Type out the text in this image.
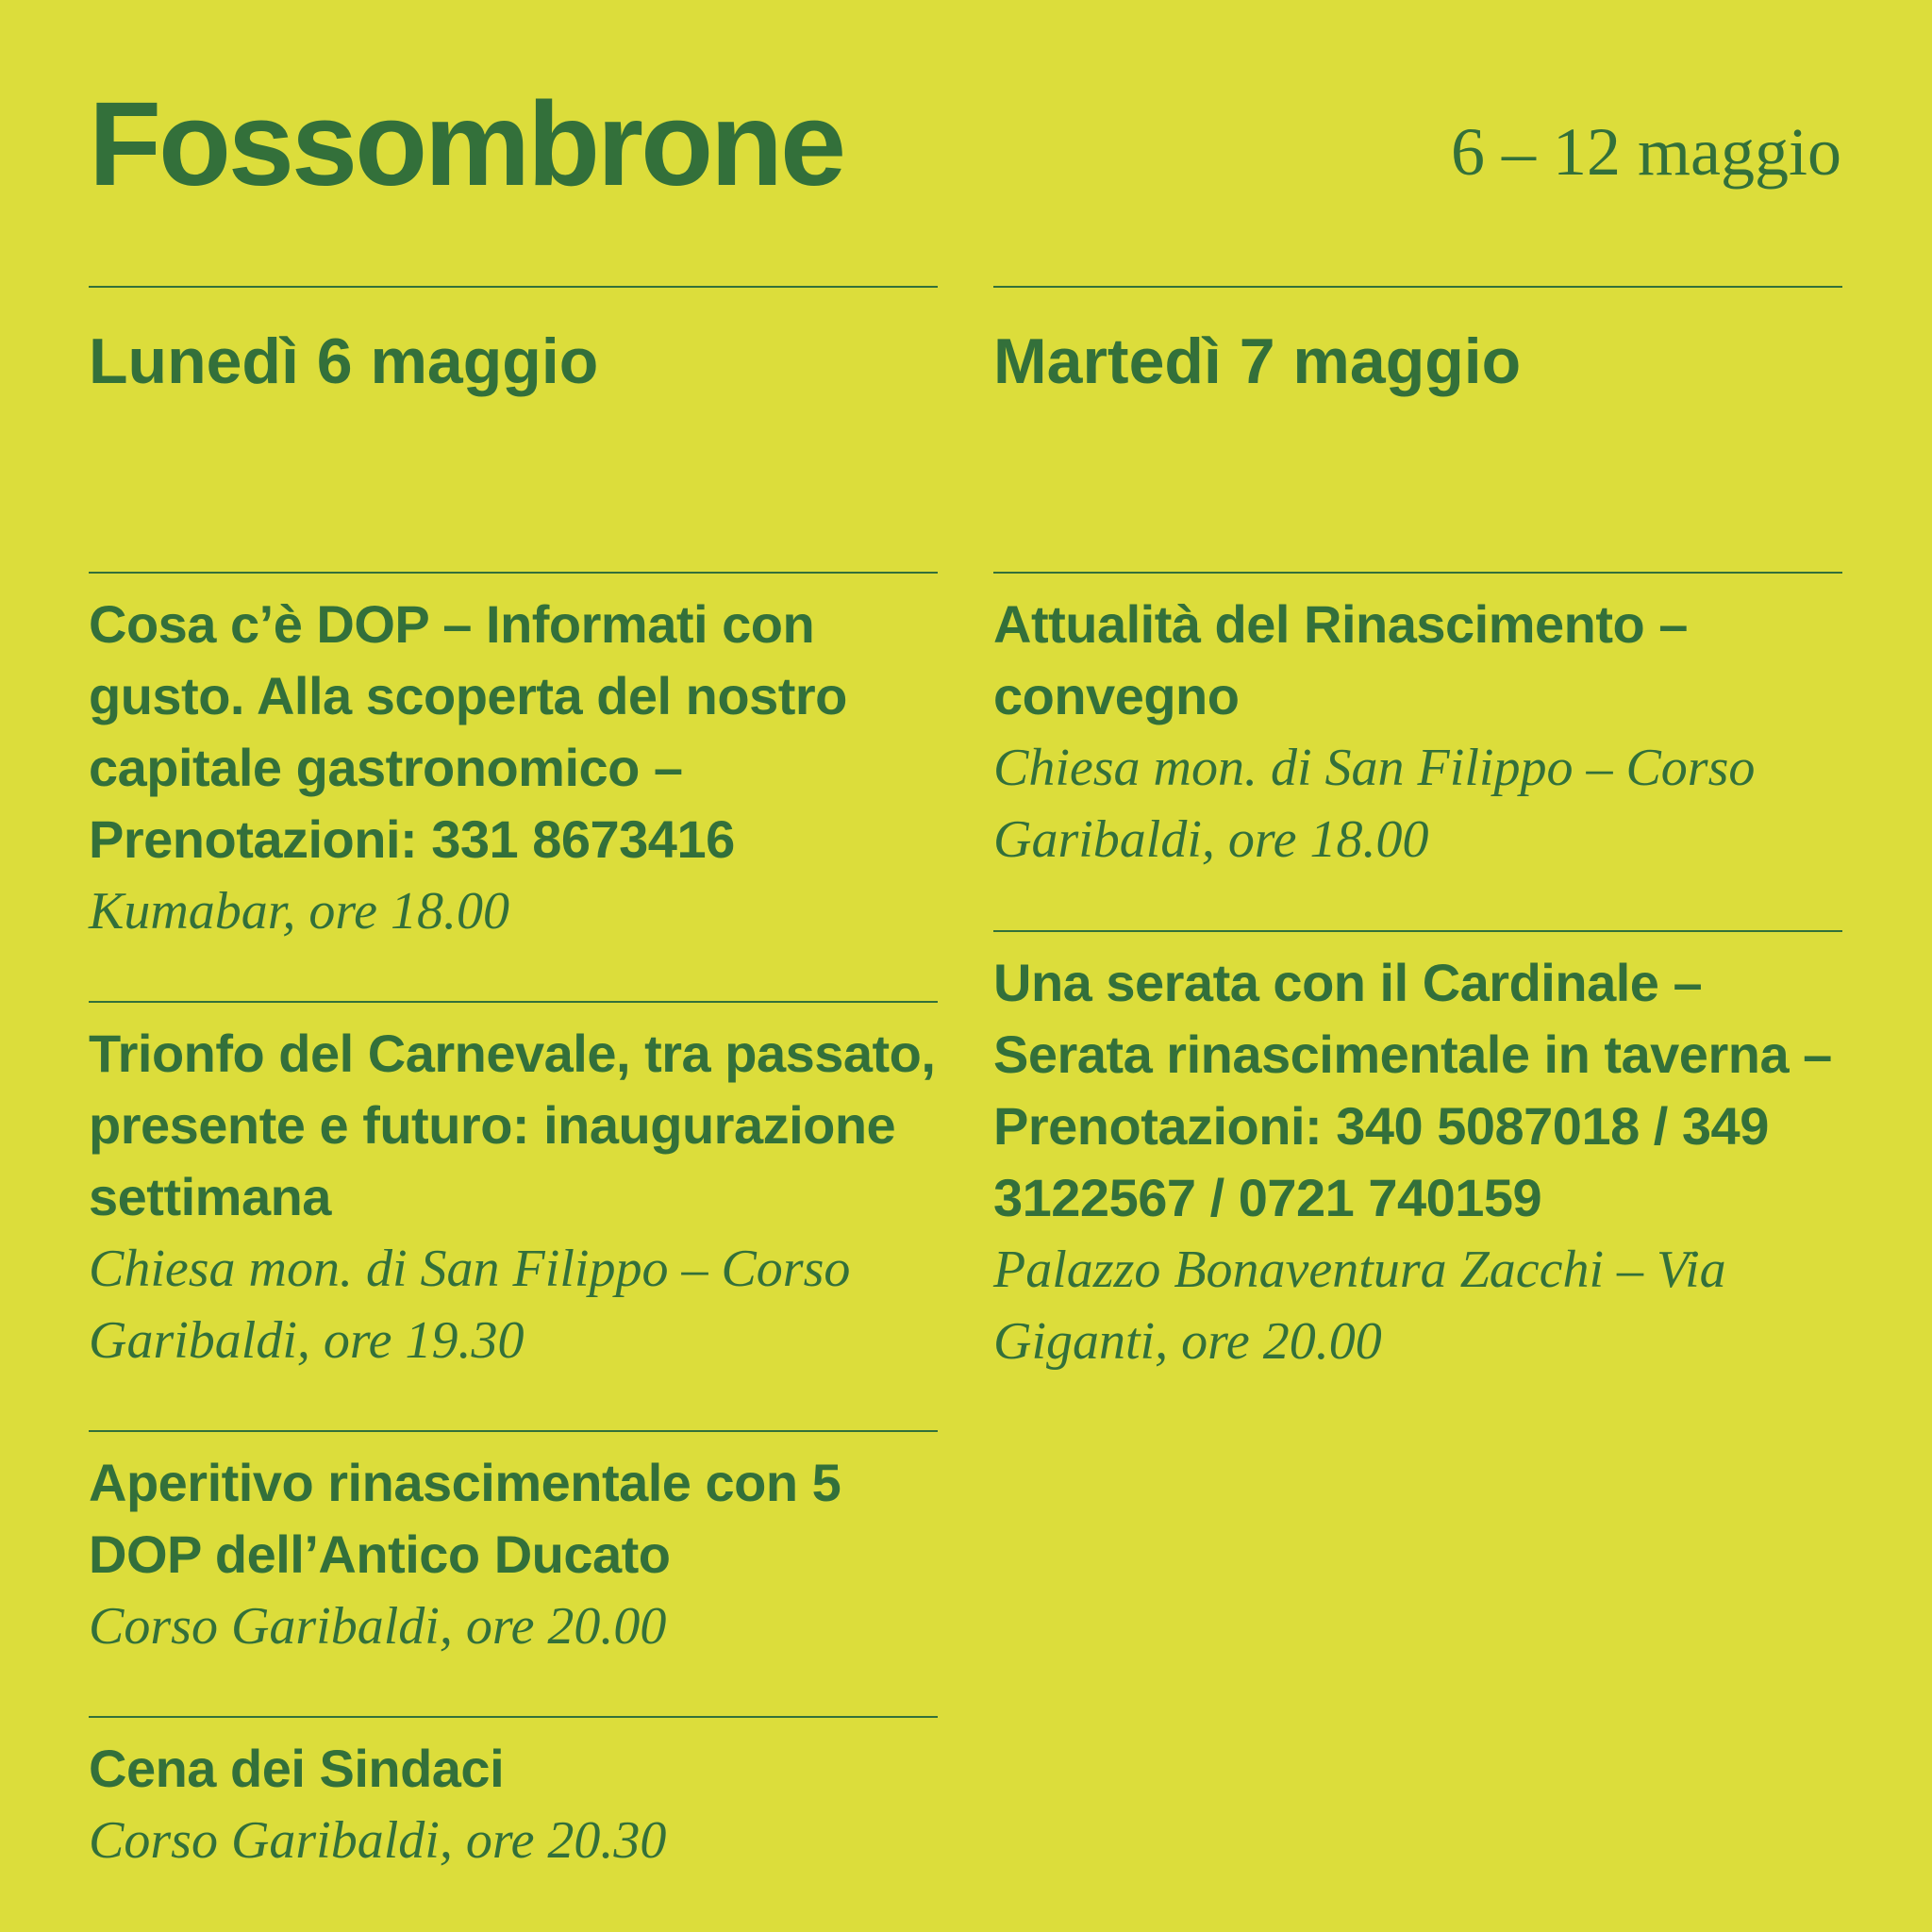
Fossombrone	6 – 12 maggio
Lunedì 6 maggio

Cosa c’è DOP – Informati con gusto. Alla scoperta del nostro capitale gastronomico – Prenotazioni: 331 8673416

Kumabar, ore 18.00

Trionfo del Carnevale, tra passato, presente e futuro: inaugurazione settimana

Chiesa mon. di San Filippo – Corso Garibaldi, ore 19.30

Aperitivo rinascimentale con 5 DOP dell’Antico Ducato

Corso Garibaldi, ore 20.00

Cena dei Sindaci

Corso Garibaldi, ore 20.30

Martedì 7 maggio

Attualità del Rinascimento – convegno

Chiesa mon. di San Filippo – Corso Garibaldi, ore 18.00

Una serata con il Cardinale – Serata rinascimentale in taverna – Prenotazioni: 340 5087018 / 349 3122567 / 0721 740159

Palazzo Bonaventura Zacchi – Via Giganti, ore 20.00
